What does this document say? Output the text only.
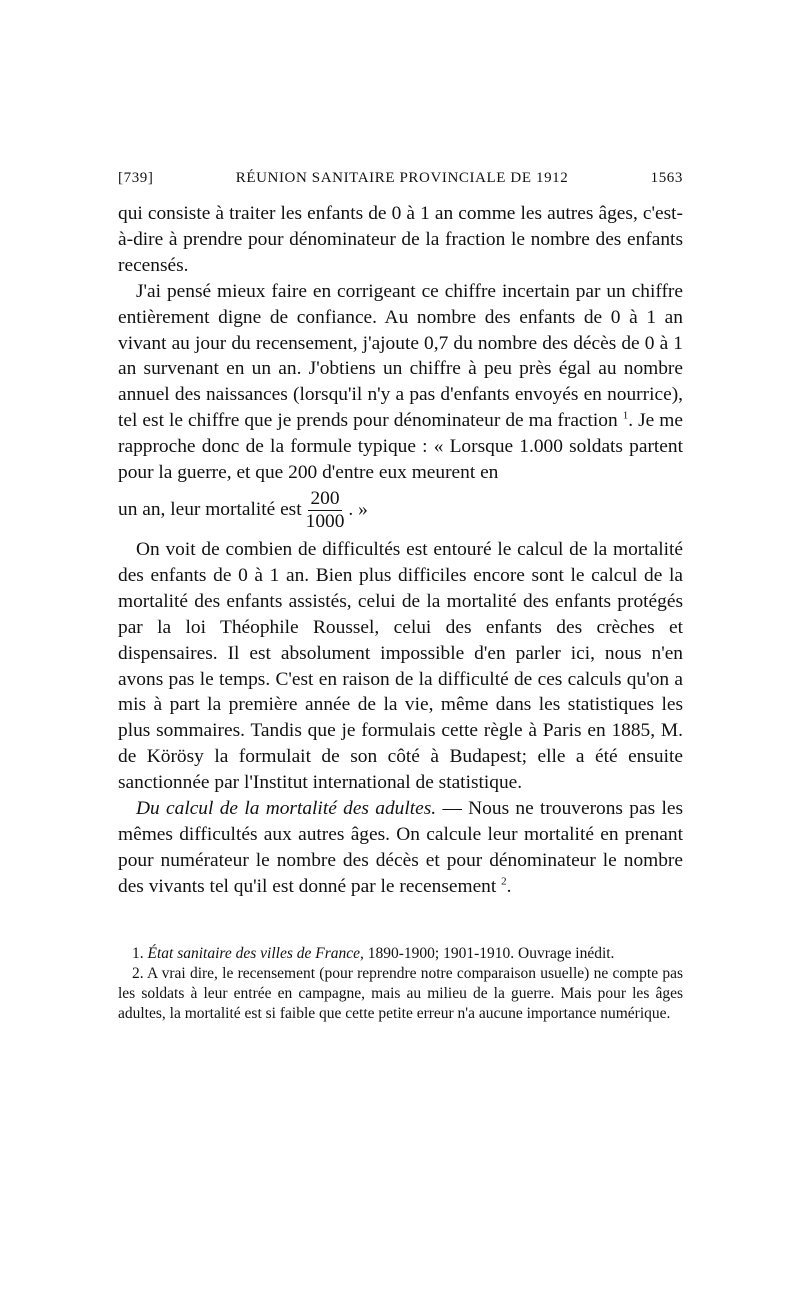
[739]	RÉUNION SANITAIRE PROVINCIALE DE 1912	1563

qui consiste à traiter les enfants de 0 à 1 an comme les autres âges, c'est-à-dire à prendre pour dénominateur de la fraction le nombre des enfants recensés.

J'ai pensé mieux faire en corrigeant ce chiffre incertain par un chiffre entièrement digne de confiance. Au nombre des enfants de 0 à 1 an vivant au jour du recensement, j'ajoute 0,7 du nombre des décès de 0 à 1 an survenant en un an. J'obtiens un chiffre à peu près égal au nombre annuel des naissances (lorsqu'il n'y a pas d'enfants envoyés en nourrice), tel est le chiffre que je prends pour dénominateur de ma fraction $^1$. Je me rapproche donc de la formule typique : « Lorsque 1.000 soldats partent pour la guerre, et que 200 d'entre eux meurent en

un an, leur mortalité est $\frac{200}{1000}$ . »

On voit de combien de difficultés est entouré le calcul de la mortalité des enfants de 0 à 1 an. Bien plus difficiles encore sont le calcul de la mortalité des enfants assistés, celui de la mortalité des enfants protégés par la loi Théophile Roussel, celui des enfants des crèches et dispensaires. Il est absolument impossible d'en parler ici, nous n'en avons pas le temps. C'est en raison de la difficulté de ces calculs qu'on a mis à part la première année de la vie, même dans les statistiques les plus sommaires. Tandis que je formulais cette règle à Paris en 1885, M. de Körösy la formulait de son côté à Budapest; elle a été ensuite sanctionnée par l'Institut international de statistique.

Du calcul de la mortalité des adultes. — Nous ne trouverons pas les mêmes difficultés aux autres âges. On calcule leur mortalité en prenant pour numérateur le nombre des décès et pour dénominateur le nombre des vivants tel qu'il est donné par le recensement $^2$.

1. État sanitaire des villes de France, 1890-1900; 1901-1910. Ouvrage inédit.

2. A vrai dire, le recensement (pour reprendre notre comparaison usuelle) ne compte pas les soldats à leur entrée en campagne, mais au milieu de la guerre. Mais pour les âges adultes, la mortalité est si faible que cette petite erreur n'a aucune importance numérique.
